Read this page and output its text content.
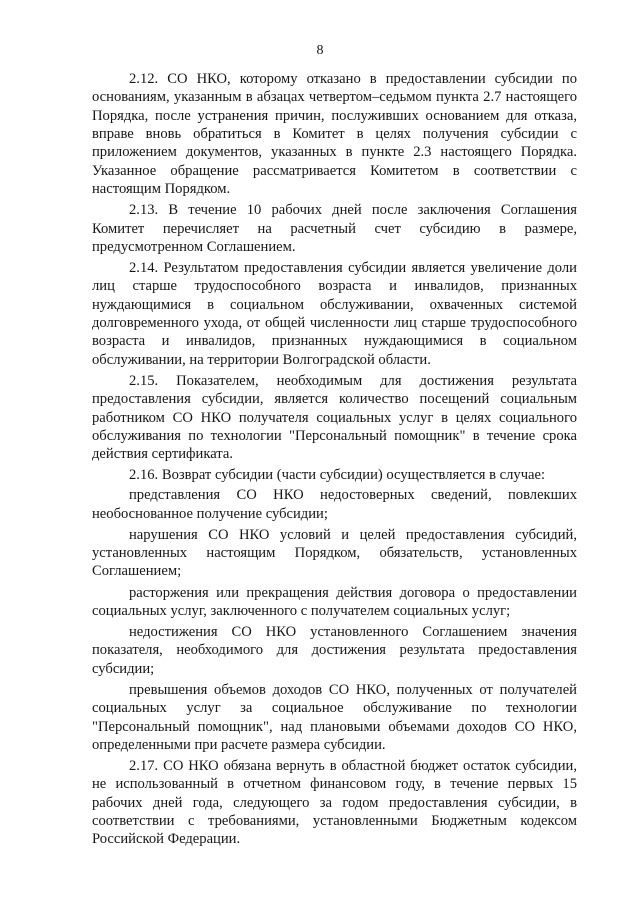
8

2.12. СО НКО, которому отказано в предоставлении субсидии по основаниям, указанным в абзацах четвертом–седьмом пункта 2.7 настоящего Порядка, после устранения причин, послуживших основанием для отказа, вправе вновь обратиться в Комитет в целях получения субсидии с приложением документов, указанных в пункте 2.3 настоящего Порядка. Указанное обращение рассматривается Комитетом в соответствии с настоящим Порядком.

2.13. В течение 10 рабочих дней после заключения Соглашения Комитет перечисляет на расчетный счет субсидию в размере, предусмотренном Соглашением.

2.14. Результатом предоставления субсидии является увеличение доли лиц старше трудоспособного возраста и инвалидов, признанных нуждающимися в социальном обслуживании, охваченных системой долговременного ухода, от общей численности лиц старше трудоспособного возраста и инвалидов, признанных нуждающимися в социальном обслуживании, на территории Волгоградской области.

2.15. Показателем, необходимым для достижения результата предоставления субсидии, является количество посещений социальным работником СО НКО получателя социальных услуг в целях социального обслуживания по технологии "Персональный помощник" в течение срока действия сертификата.

2.16. Возврат субсидии (части субсидии) осуществляется в случае:

представления СО НКО недостоверных сведений, повлекших необоснованное получение субсидии;

нарушения СО НКО условий и целей предоставления субсидий, установленных настоящим Порядком, обязательств, установленных Соглашением;

расторжения или прекращения действия договора о предоставлении социальных услуг, заключенного с получателем социальных услуг;

недостижения СО НКО установленного Соглашением значения показателя, необходимого для достижения результата предоставления субсидии;

превышения объемов доходов СО НКО, полученных от получателей социальных услуг за социальное обслуживание по технологии "Персональный помощник", над плановыми объемами доходов СО НКО, определенными при расчете размера субсидии.

2.17. СО НКО обязана вернуть в областной бюджет остаток субсидии, не использованный в отчетном финансовом году, в течение первых 15 рабочих дней года, следующего за годом предоставления субсидии, в соответствии с требованиями, установленными Бюджетным кодексом Российской Федерации.
